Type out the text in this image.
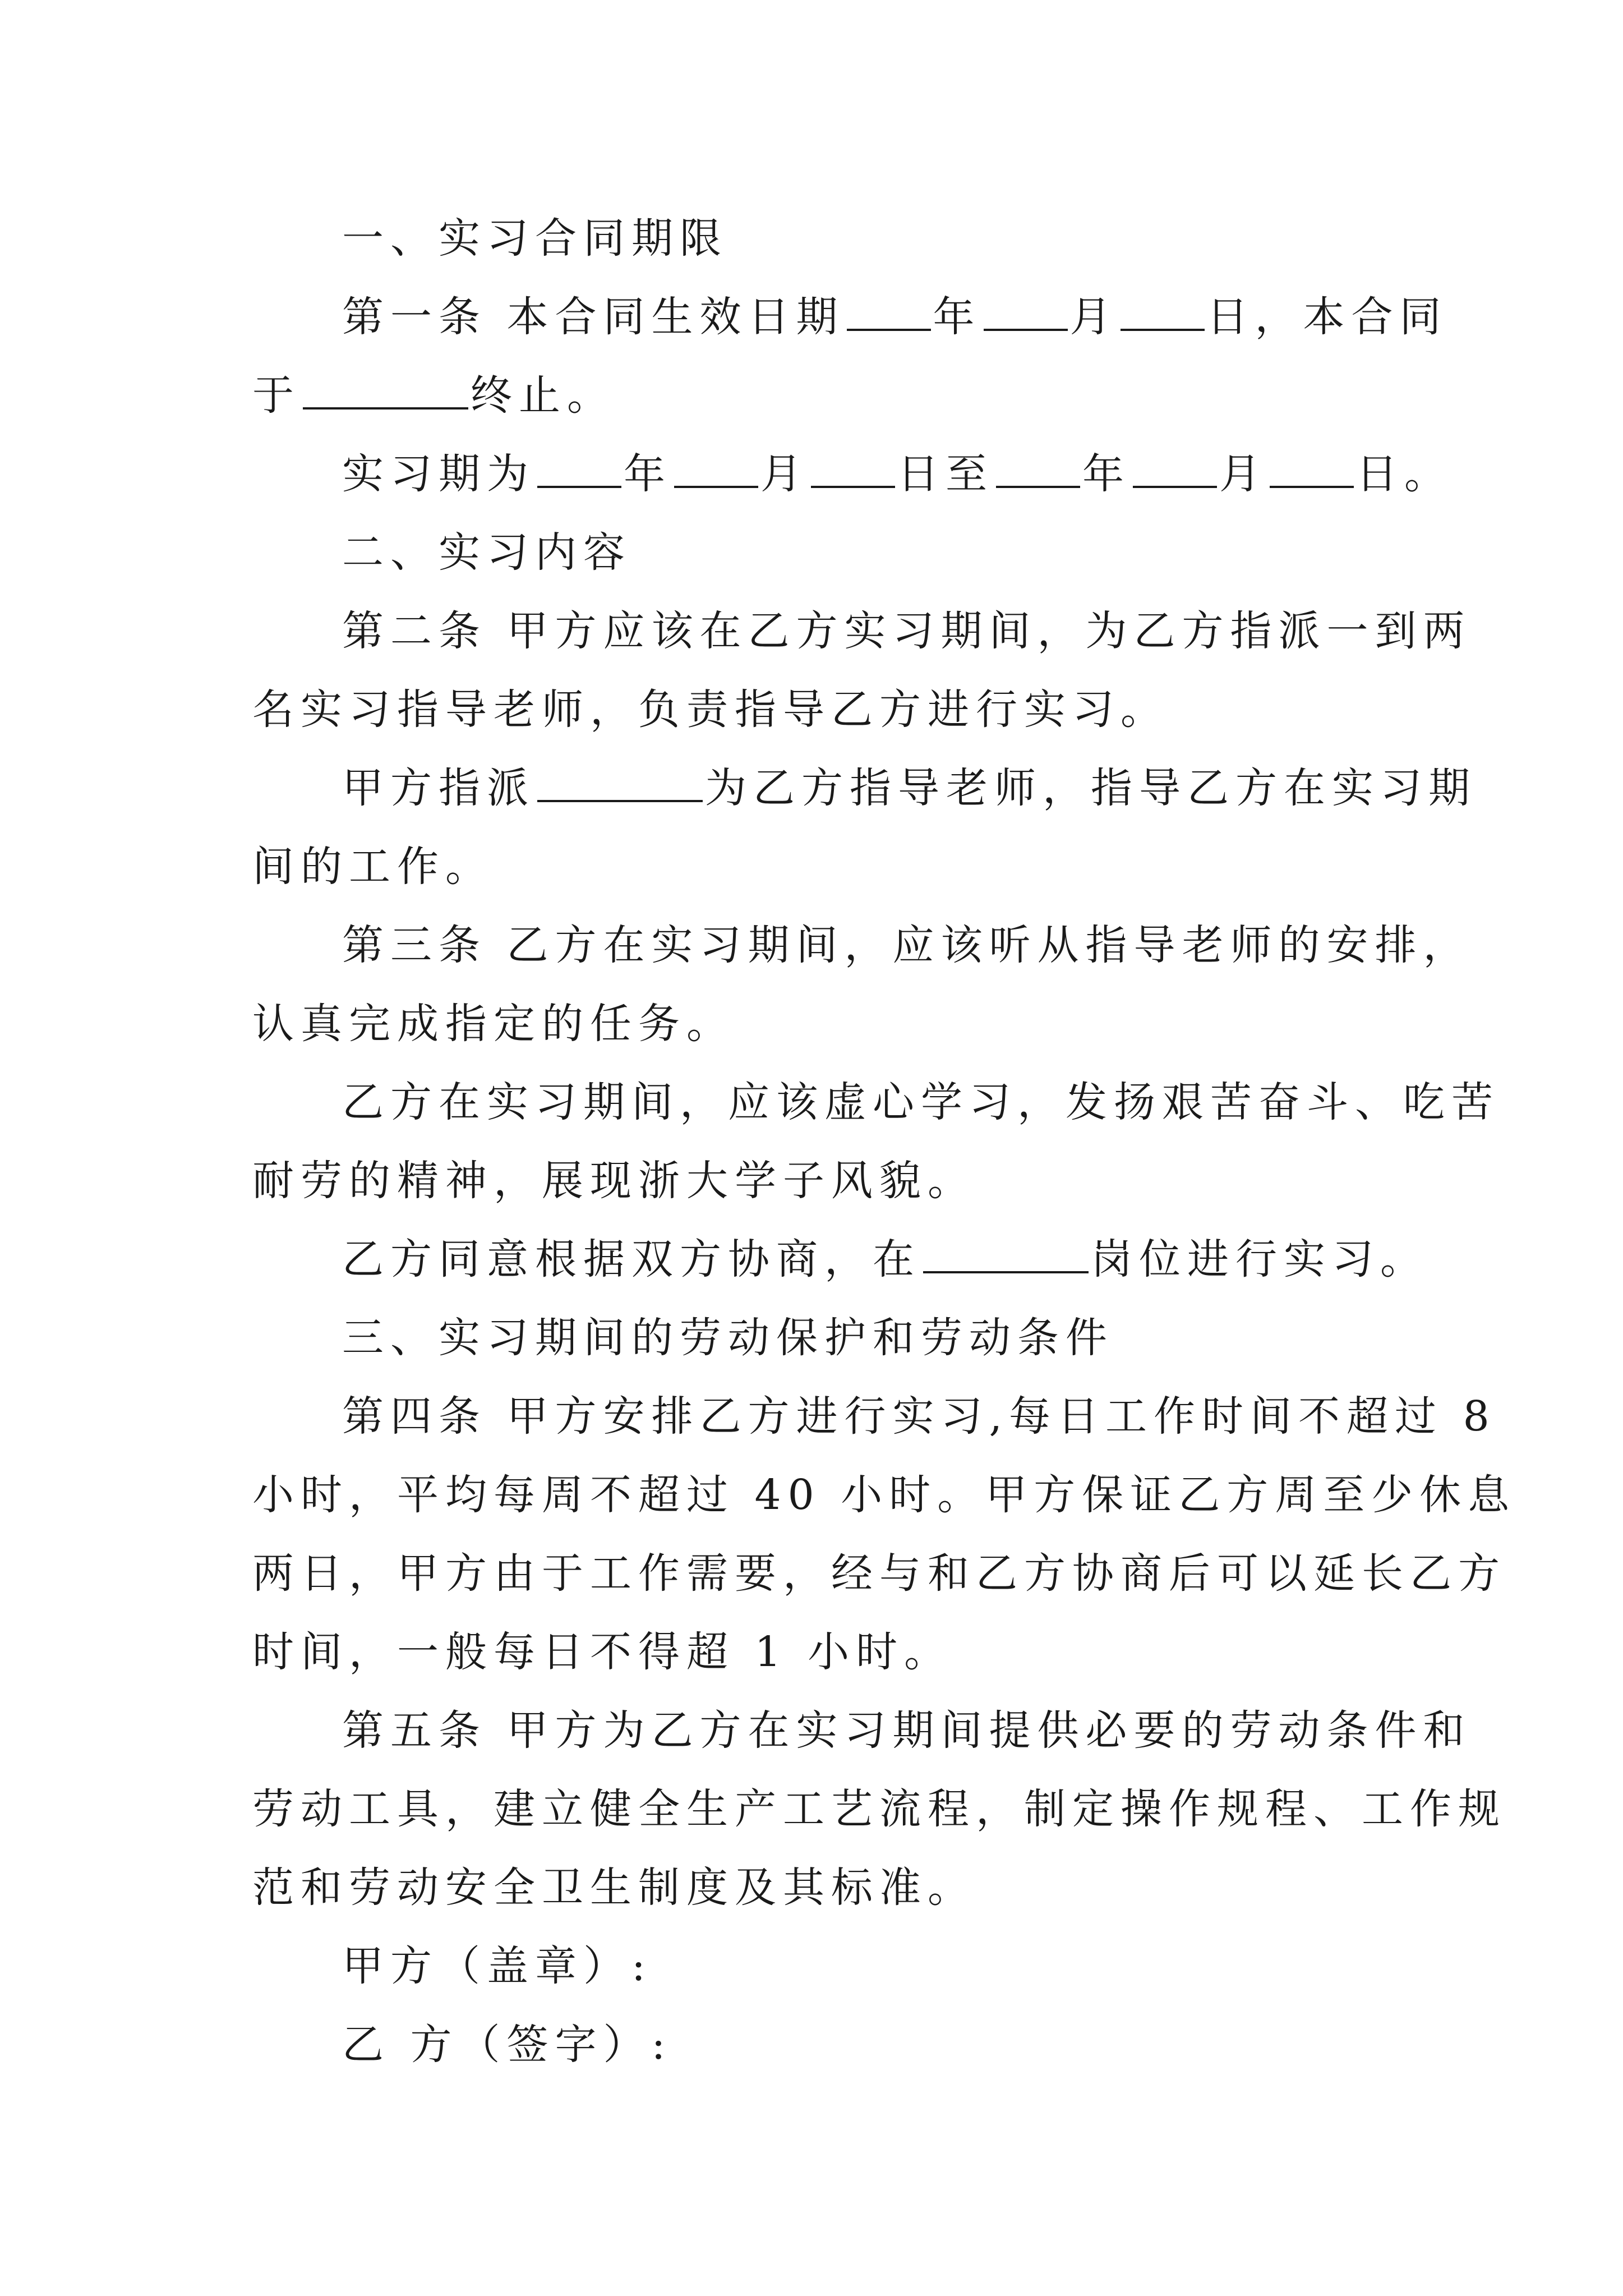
一、实习合同期限
第一条 本合同生效日期 年 月 日，本合同
于	终止。
实习期为 年 月 日至 年 月 日。
二、实习内容
第二条 甲方应该在乙方实习期间，为乙方指派一到两
名实习指导老师，负责指导乙方进行实习。
甲方指派	为乙方指导老师，指导乙方在实习期
间的工作。
第三条 乙方在实习期间，应该听从指导老师的安排，
认真完成指定的任务。
乙方在实习期间，应该虚心学习，发扬艰苦奋斗、吃苦
耐劳的精神，展现浙大学子风貌。
乙方同意根据双方协商，在	岗位进行实习。
三、实习期间的劳动保护和劳动条件
第四条 甲方安排乙方进行实习,每日工作时间不超过 8
小时，平均每周不超过 40 小时。甲方保证乙方周至少休息
两日，甲方由于工作需要，经与和乙方协商后可以延长乙方
时间，一般每日不得超 1 小时。
第五条 甲方为乙方在实习期间提供必要的劳动条件和
劳动工具，建立健全生产工艺流程，制定操作规程、工作规
范和劳动安全卫生制度及其标准。
甲方（盖章）:
乙 方（签字）:
